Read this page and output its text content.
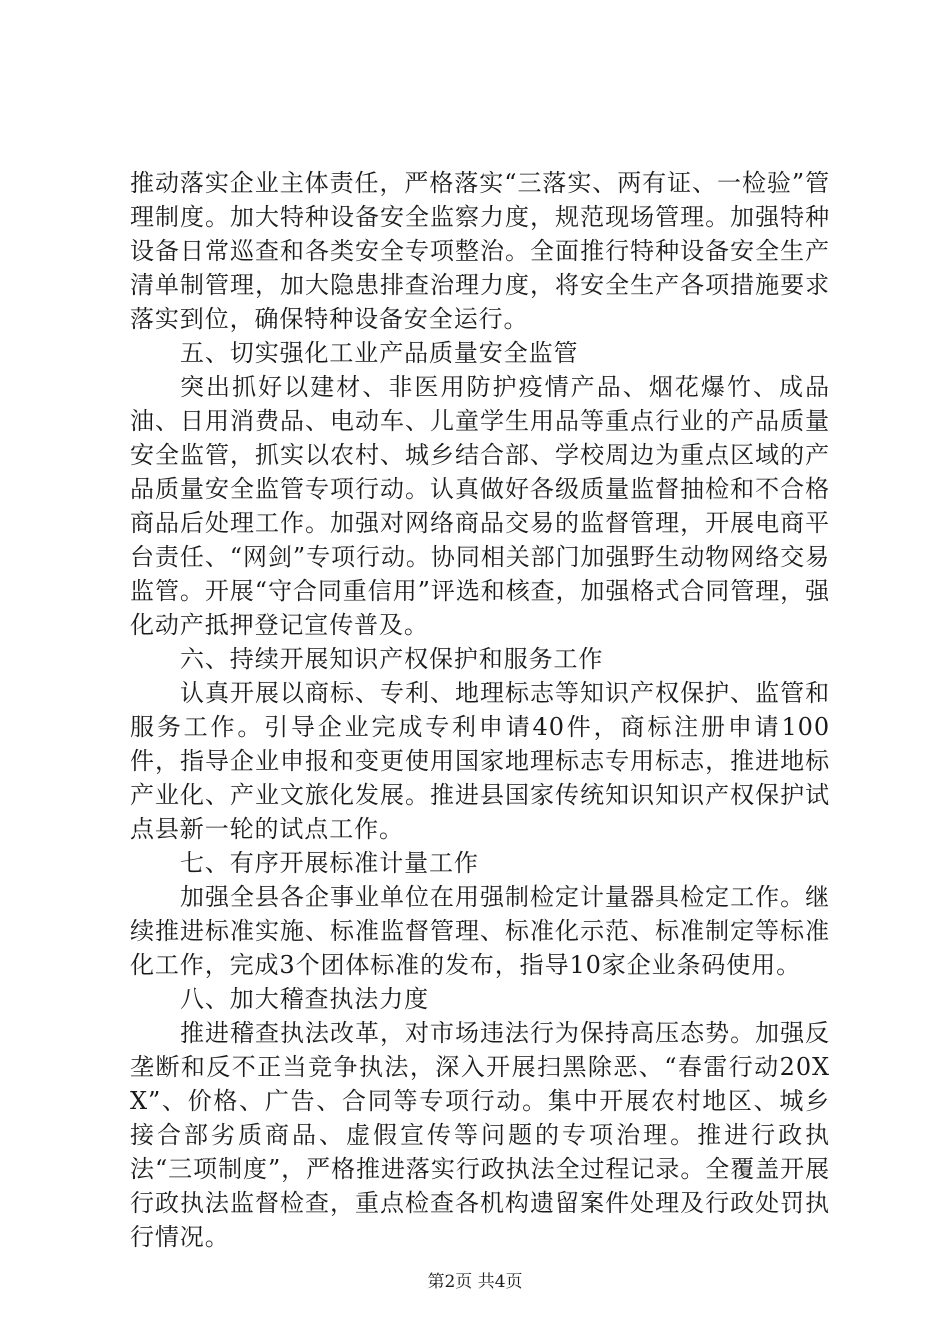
推动落实企业主体责任，严格落实“三落实、两有证、一检验”管理制度。加大特种设备安全监察力度，规范现场管理。加强特种设备日常巡查和各类安全专项整治。全面推行特种设备安全生产清单制管理，加大隐患排查治理力度，将安全生产各项措施要求落实到位，确保特种设备安全运行。

五、切实强化工业产品质量安全监管

突出抓好以建材、非医用防护疫情产品、烟花爆竹、成品油、日用消费品、电动车、儿童学生用品等重点行业的产品质量安全监管，抓实以农村、城乡结合部、学校周边为重点区域的产品质量安全监管专项行动。认真做好各级质量监督抽检和不合格商品后处理工作。加强对网络商品交易的监督管理，开展电商平台责任、“网剑”专项行动。协同相关部门加强野生动物网络交易监管。开展“守合同重信用”评选和核查，加强格式合同管理，强化动产抵押登记宣传普及。

六、持续开展知识产权保护和服务工作

认真开展以商标、专利、地理标志等知识产权保护、监管和服务工作。引导企业完成专利申请40件，商标注册申请100件，指导企业申报和变更使用国家地理标志专用标志，推进地标产业化、产业文旅化发展。推进县国家传统知识知识产权保护试点县新一轮的试点工作。

七、有序开展标准计量工作

加强全县各企事业单位在用强制检定计量器具检定工作。继续推进标准实施、标准监督管理、标准化示范、标准制定等标准化工作，完成3个团体标准的发布，指导10家企业条码使用。

八、加大稽查执法力度

推进稽查执法改革，对市场违法行为保持高压态势。加强反垄断和反不正当竞争执法，深入开展扫黑除恶、“春雷行动20XX”、价格、广告、合同等专项行动。集中开展农村地区、城乡接合部劣质商品、虚假宣传等问题的专项治理。推进行政执法“三项制度”，严格推进落实行政执法全过程记录。全覆盖开展行政执法监督检查，重点检查各机构遗留案件处理及行政处罚执行情况。

第2页 共4页
